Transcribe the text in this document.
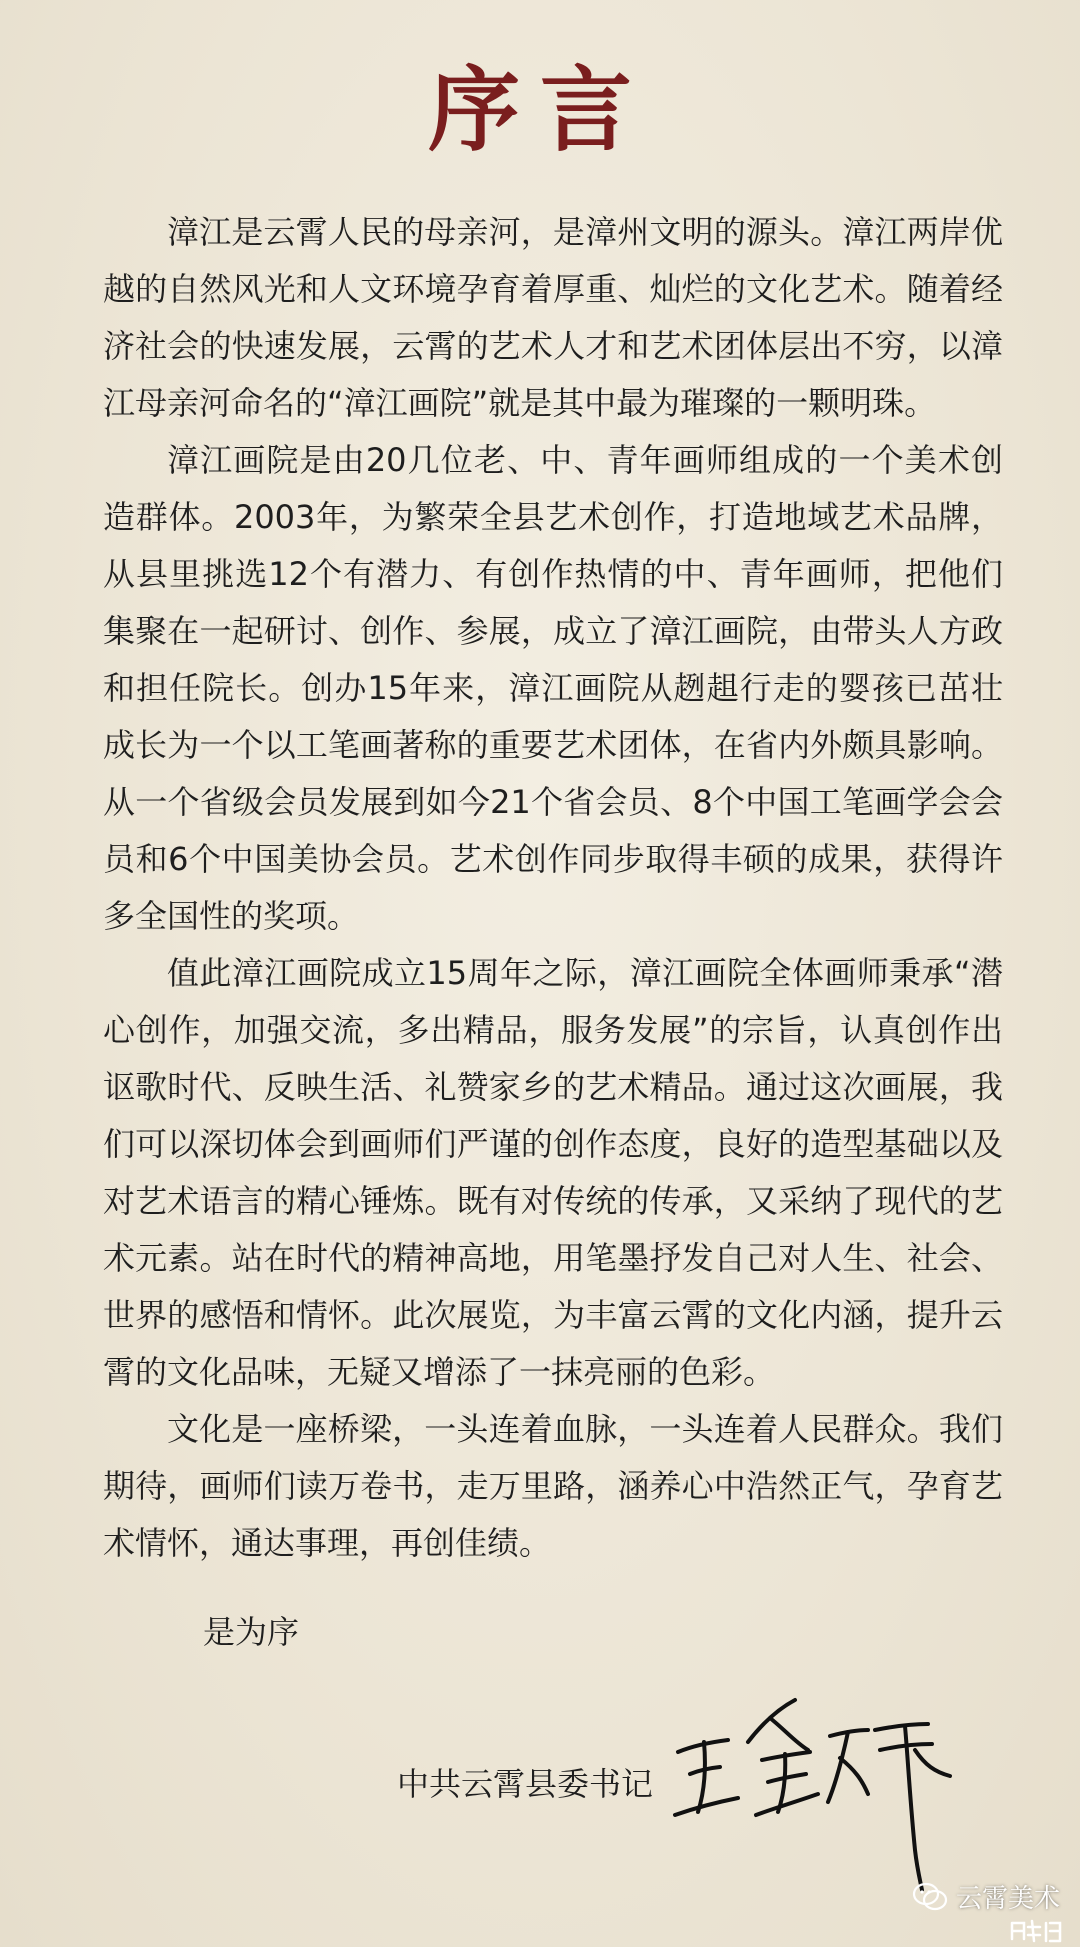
序言

漳江是云霄人民的母亲河，是漳州文明的源头。漳江两岸优越的自然风光和人文环境孕育着厚重、灿烂的文化艺术。随着经济社会的快速发展，云霄的艺术人才和艺术团体层出不穷，以漳江母亲河命名的“漳江画院”就是其中最为璀璨的一颗明珠。

漳江画院是由20几位老、中、青年画师组成的一个美术创造群体。2003年，为繁荣全县艺术创作，打造地域艺术品牌，从县里挑选12个有潜力、有创作热情的中、青年画师，把他们集聚在一起研讨、创作、参展，成立了漳江画院，由带头人方政和担任院长。创办15年来，漳江画院从趔趄行走的婴孩已茁壮成长为一个以工笔画著称的重要艺术团体，在省内外颇具影响。从一个省级会员发展到如今21个省会员、8个中国工笔画学会会员和6个中国美协会员。艺术创作同步取得丰硕的成果，获得许多全国性的奖项。

值此漳江画院成立15周年之际，漳江画院全体画师秉承“潜心创作，加强交流，多出精品，服务发展”的宗旨，认真创作出讴歌时代、反映生活、礼赞家乡的艺术精品。通过这次画展，我们可以深切体会到画师们严谨的创作态度，良好的造型基础以及对艺术语言的精心锤炼。既有对传统的传承，又采纳了现代的艺术元素。站在时代的精神高地，用笔墨抒发自己对人生、社会、世界的感悟和情怀。此次展览，为丰富云霄的文化内涵，提升云霄的文化品味，无疑又增添了一抹亮丽的色彩。

文化是一座桥梁，一头连着血脉，一头连着人民群众。我们期待，画师们读万卷书，走万里路，涵养心中浩然正气，孕育艺术情怀，通达事理，再创佳绩。

是为序
中共云霄县委书记
云霄美术
